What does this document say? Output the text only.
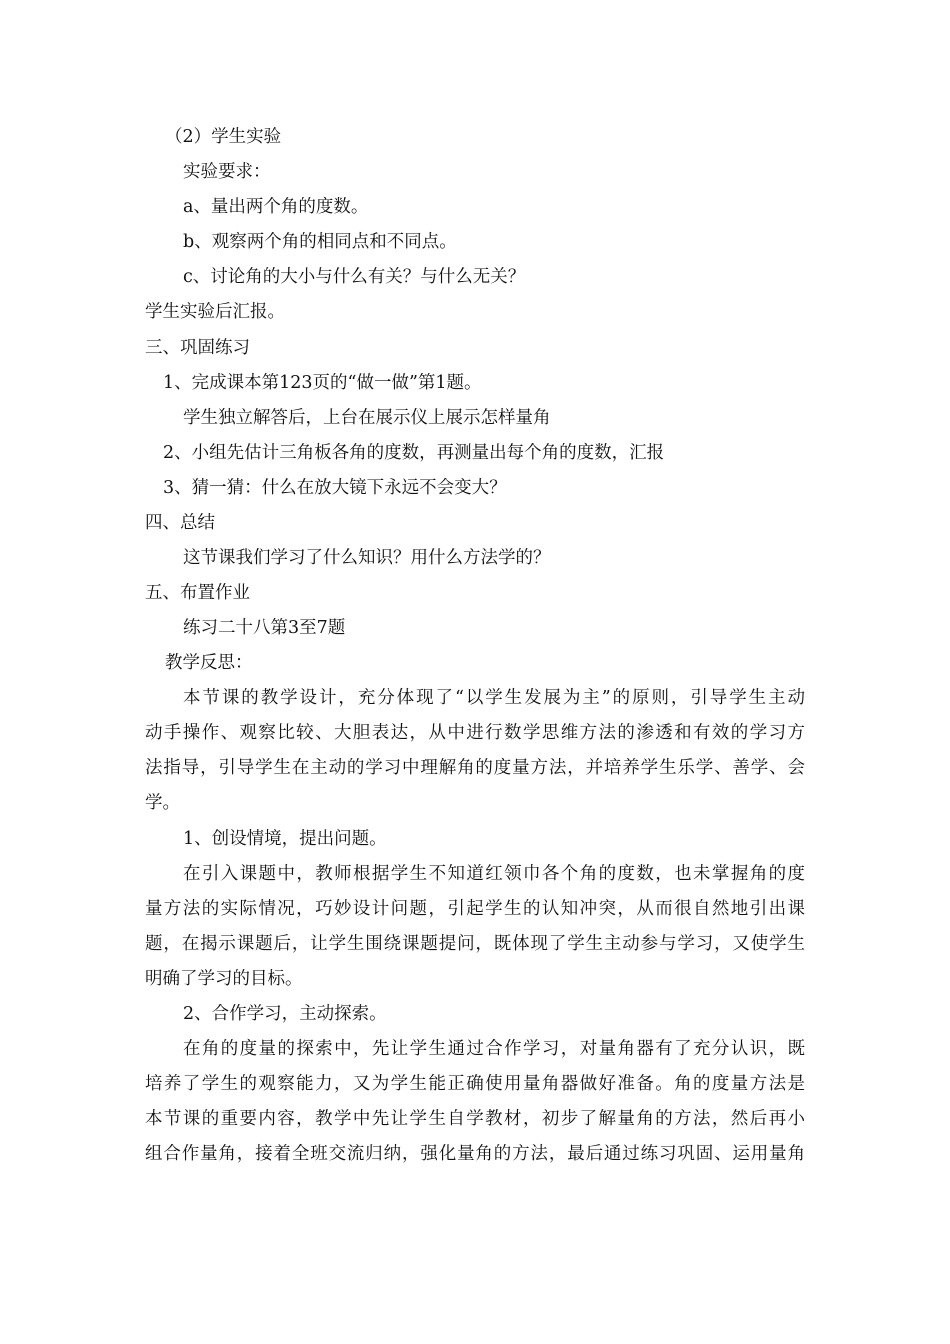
（2）学生实验
实验要求：
a、量出两个角的度数。
b、观察两个角的相同点和不同点。
c、讨论角的大小与什么有关？与什么无关？
学生实验后汇报。
三、巩固练习
1、完成课本第123页的“做一做”第1题。
学生独立解答后，上台在展示仪上展示怎样量角
2、小组先估计三角板各角的度数，再测量出每个角的度数，汇报
3、猜一猜：什么在放大镜下永远不会变大？
四、总结
这节课我们学习了什么知识？用什么方法学的？
五、布置作业
练习二十八第3至7题
教学反思：
本节课的教学设计，充分体现了“以学生发展为主”的原则，引导学生主动
动手操作、观察比较、大胆表达，从中进行数学思维方法的渗透和有效的学习方
法指导，引导学生在主动的学习中理解角的度量方法，并培养学生乐学、善学、会
学。
1、创设情境，提出问题。
在引入课题中，教师根据学生不知道红领巾各个角的度数，也未掌握角的度
量方法的实际情况，巧妙设计问题，引起学生的认知冲突，从而很自然地引出课
题，在揭示课题后，让学生围绕课题提问，既体现了学生主动参与学习，又使学生
明确了学习的目标。
2、合作学习，主动探索。
在角的度量的探索中，先让学生通过合作学习，对量角器有了充分认识，既
培养了学生的观察能力，又为学生能正确使用量角器做好准备。角的度量方法是
本节课的重要内容，教学中先让学生自学教材，初步了解量角的方法，然后再小
组合作量角，接着全班交流归纳，强化量角的方法，最后通过练习巩固、运用量角
